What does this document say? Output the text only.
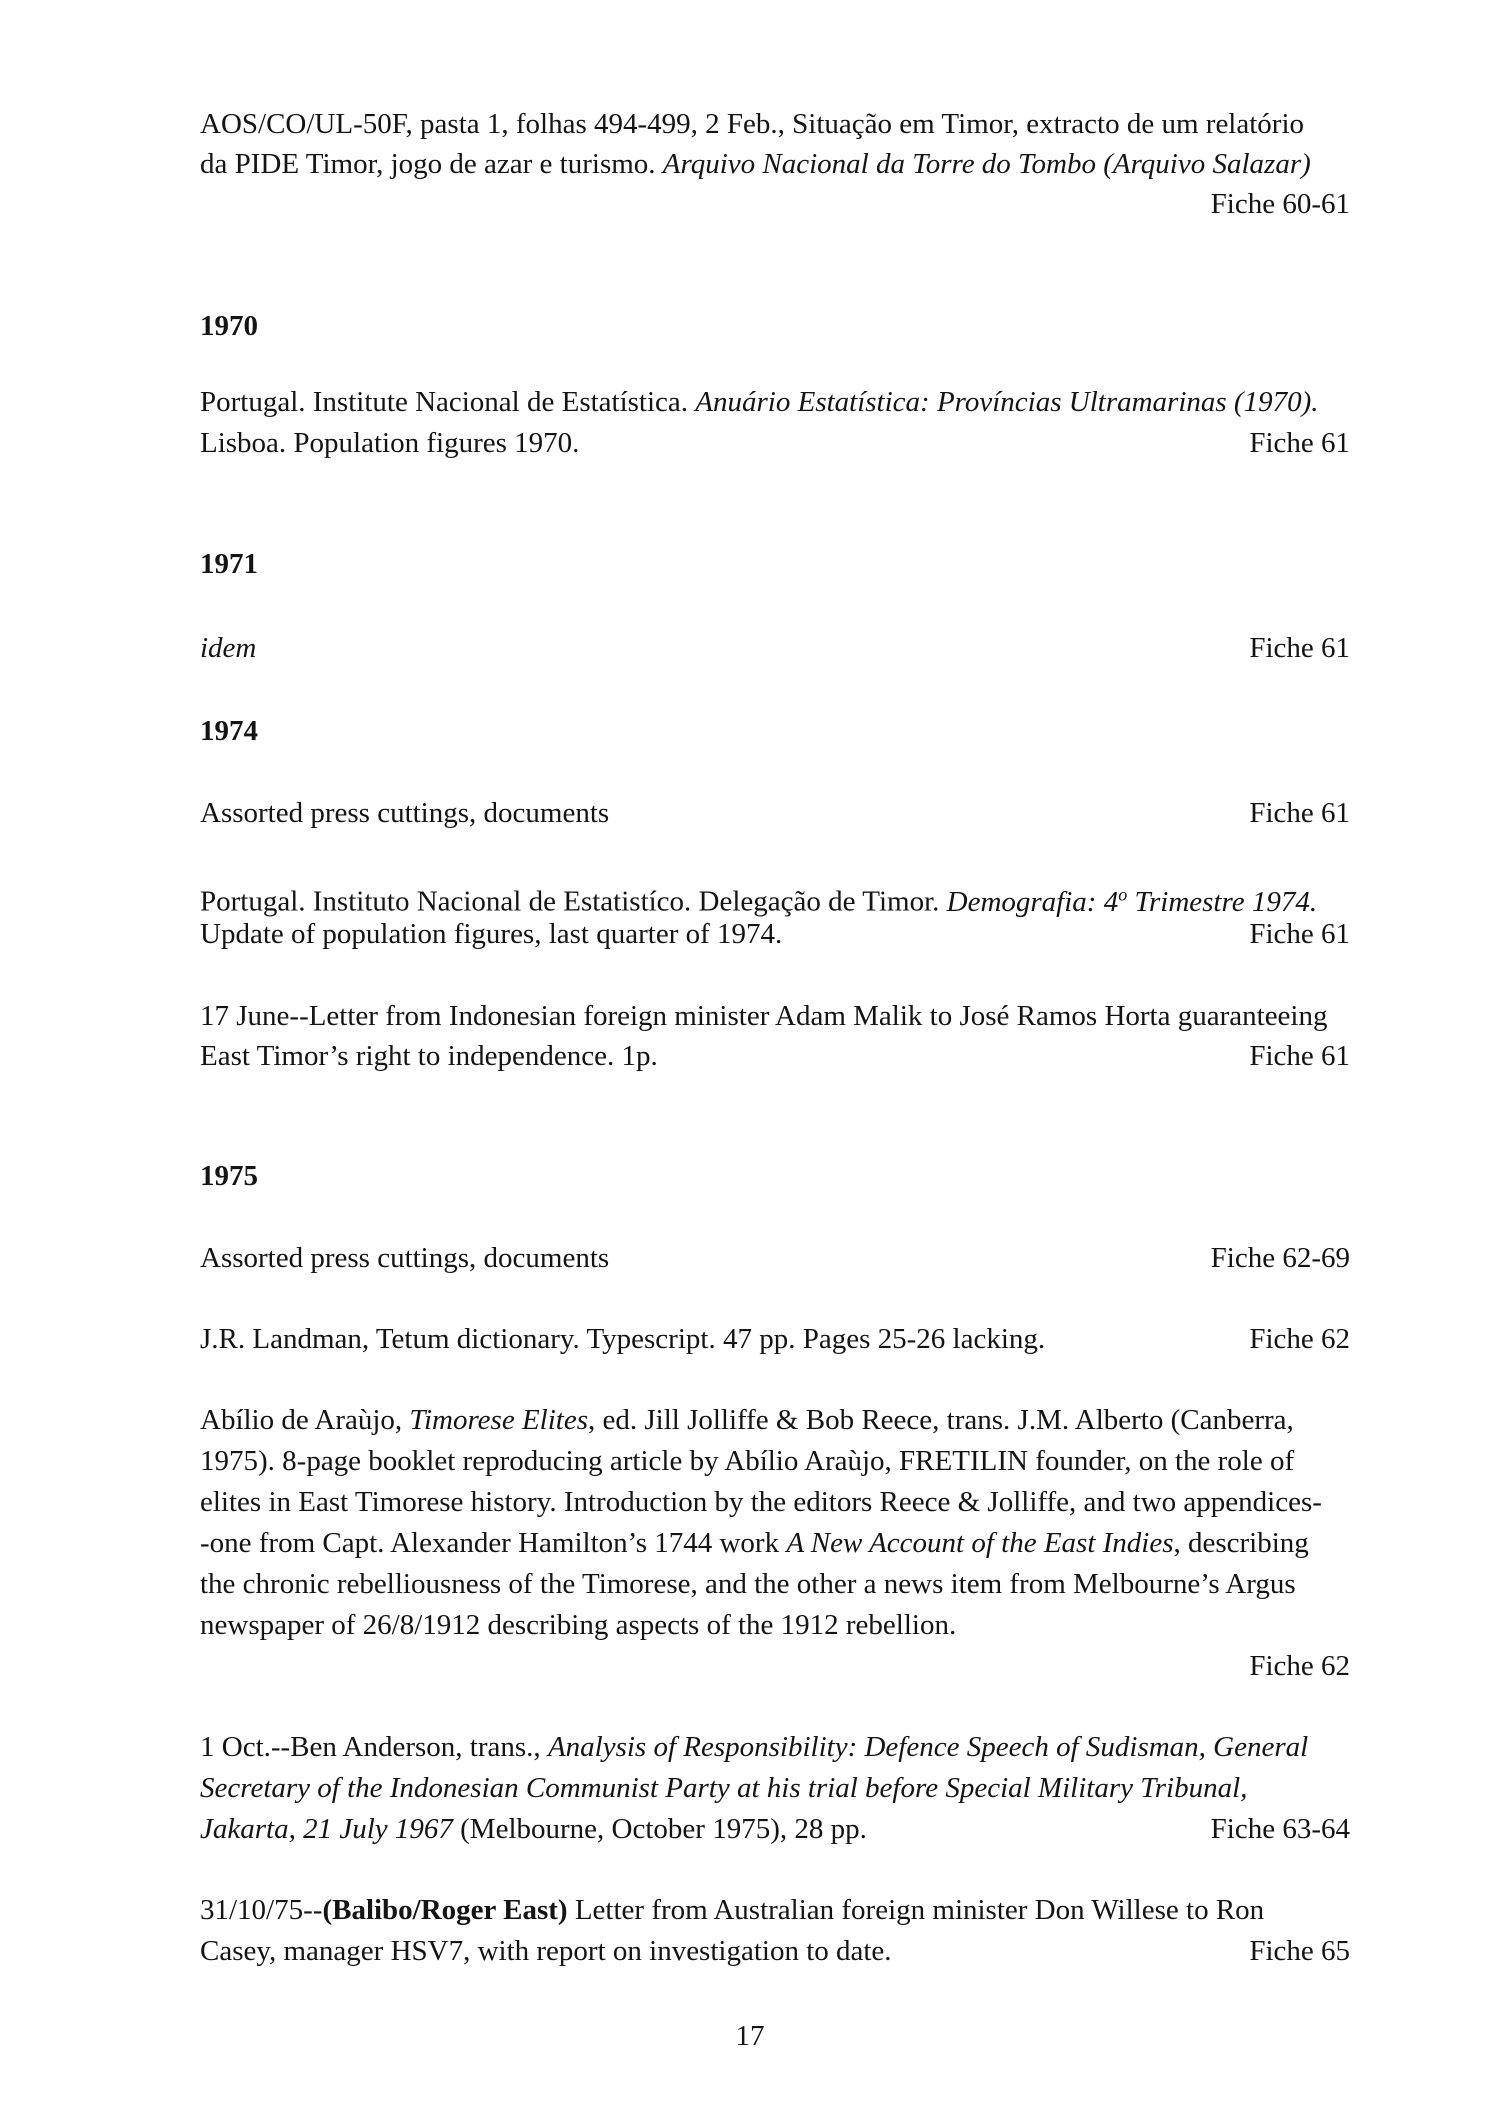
AOS/CO/UL-50F, pasta 1, folhas 494-499, 2 Feb., Situação em Timor, extracto de um relatório
da PIDE Timor, jogo de azar e turismo. Arquivo Nacional da Torre do Tombo (Arquivo Salazar)
Fiche 60-61
1970
Portugal. Institute Nacional de Estatística. Anuário Estatística: Províncias Ultramarinas (1970).
Lisboa. Population figures 1970.	Fiche 61
1971
idem	Fiche 61
1974
Assorted press cuttings, documents	Fiche 61
Portugal. Instituto Nacional de Estatistíco. Delegação de Timor. Demografia: 4$^o$ Trimestre 1974.
Update of population figures, last quarter of 1974.	Fiche 61
17 June--Letter from Indonesian foreign minister Adam Malik to José Ramos Horta guaranteeing
East Timor’s right to independence. 1p.	Fiche 61
1975
Assorted press cuttings, documents	Fiche 62-69
J.R. Landman, Tetum dictionary. Typescript. 47 pp. Pages 25-26 lacking.	Fiche 62
Abílio de Araùjo, Timorese Elites, ed. Jill Jolliffe & Bob Reece, trans. J.M. Alberto (Canberra,
1975). 8-page booklet reproducing article by Abílio Araùjo, FRETILIN founder, on the role of
elites in East Timorese history. Introduction by the editors Reece & Jolliffe, and two appendices-
-one from Capt. Alexander Hamilton’s 1744 work A New Account of the East Indies, describing
the chronic rebelliousness of the Timorese, and the other a news item from Melbourne’s Argus
newspaper of 26/8/1912 describing aspects of the 1912 rebellion.
Fiche 62
1 Oct.--Ben Anderson, trans., Analysis of Responsibility: Defence Speech of Sudisman, General
Secretary of the Indonesian Communist Party at his trial before Special Military Tribunal,
Jakarta, 21 July 1967 (Melbourne, October 1975), 28 pp.	Fiche 63-64
31/10/75--(Balibo/Roger East) Letter from Australian foreign minister Don Willese to Ron
Casey, manager HSV7, with report on investigation to date.	Fiche 65
17
